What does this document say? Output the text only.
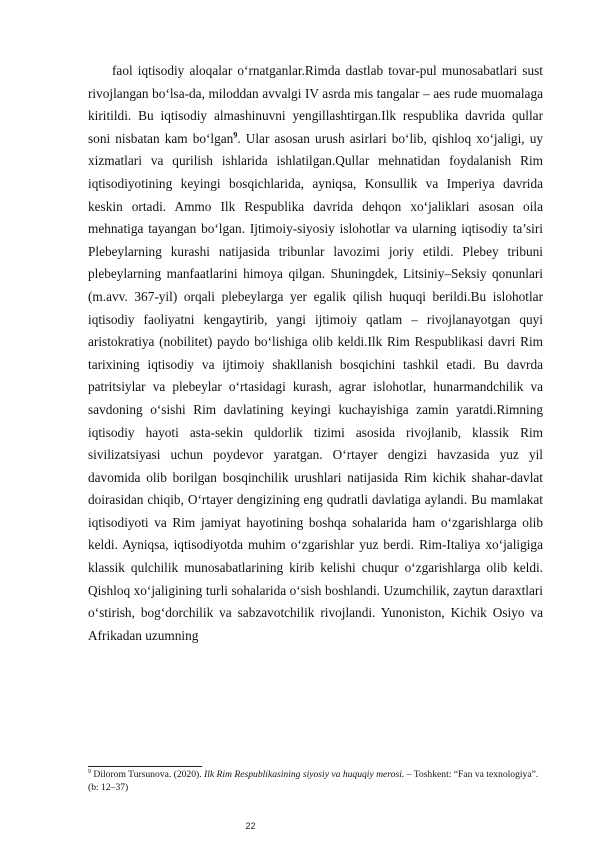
faol iqtisodiy aloqalar o‘rnatganlar.Rimda dastlab tovar-pul munosabatlari sust rivojlangan bo‘lsa-da, miloddan avvalgi IV asrda mis tangalar – aes rude muomalaga kiritildi. Bu iqtisodiy almashinuvni yengillashtirgan.Ilk respublika davrida qullar soni nisbatan kam bo‘lgan$^9$. Ular asosan urush asirlari bo‘lib, qishloq xo‘jaligi, uy xizmatlari va qurilish ishlarida ishlatilgan.Qullar mehnatidan foydalanish Rim iqtisodiyotining keyingi bosqichlarida, ayniqsa, Konsullik va Imperiya davrida keskin ortadi. Ammo Ilk Respublika davrida dehqon xo‘jaliklari asosan oila mehnatiga tayangan bo‘lgan. Ijtimoiy-siyosiy islohotlar va ularning iqtisodiy ta’siri Plebeylarning kurashi natijasida tribunlar lavozimi joriy etildi. Plebey tribuni plebeylarning manfaatlarini himoya qilgan. Shuningdek, Litsiniy–Seksiy qonunlari (m.avv. 367-yil) orqali plebeylarga yer egalik qilish huquqi berildi.Bu islohotlar iqtisodiy faoliyatni kengaytirib, yangi ijtimoiy qatlam – rivojlanayotgan quyi aristokratiya (nobilitet) paydo bo‘lishiga olib keldi.Ilk Rim Respublikasi davri Rim tarixining iqtisodiy va ijtimoiy shakllanish bosqichini tashkil etadi. Bu davrda patritsiylar va plebeylar o‘rtasidagi kurash, agrar islohotlar, hunarmandchilik va savdoning o‘sishi Rim davlatining keyingi kuchayishiga zamin yaratdi.Rimning iqtisodiy hayoti asta-sekin quldorlik tizimi asosida rivojlanib, klassik Rim sivilizatsiyasi uchun poydevor yaratgan. O‘rtayer dengizi havzasida yuz yil davomida olib borilgan bosqinchilik urushlari natijasida Rim kichik shahar-davlat doirasidan chiqib, O‘rtayer dengizining eng qudratli davlatiga aylandi. Bu mamlakat iqtisodiyoti va Rim jamiyat hayotining boshqa sohalarida ham o‘zgarishlarga olib keldi. Ayniqsa, iqtisodiyotda muhim o‘zgarishlar yuz berdi. Rim-Italiya xo‘jaligiga klassik qulchilik munosabatlarining kirib kelishi chuqur o‘zgarishlarga olib keldi. Qishloq xo‘jaligining turli sohalarida o‘sish boshlandi. Uzumchilik, zaytun daraxtlari o‘stirish, bog‘dorchilik va sabzavotchilik rivojlandi. Yunoniston, Kichik Osiyo va Afrikadan uzumning

$^9$ Dilorom Tursunova. (2020). Ilk Rim Respublikasining siyosiy va huquqiy merosi. – Toshkent: “Fan va texnologiya”. (b: 12–37)
22
